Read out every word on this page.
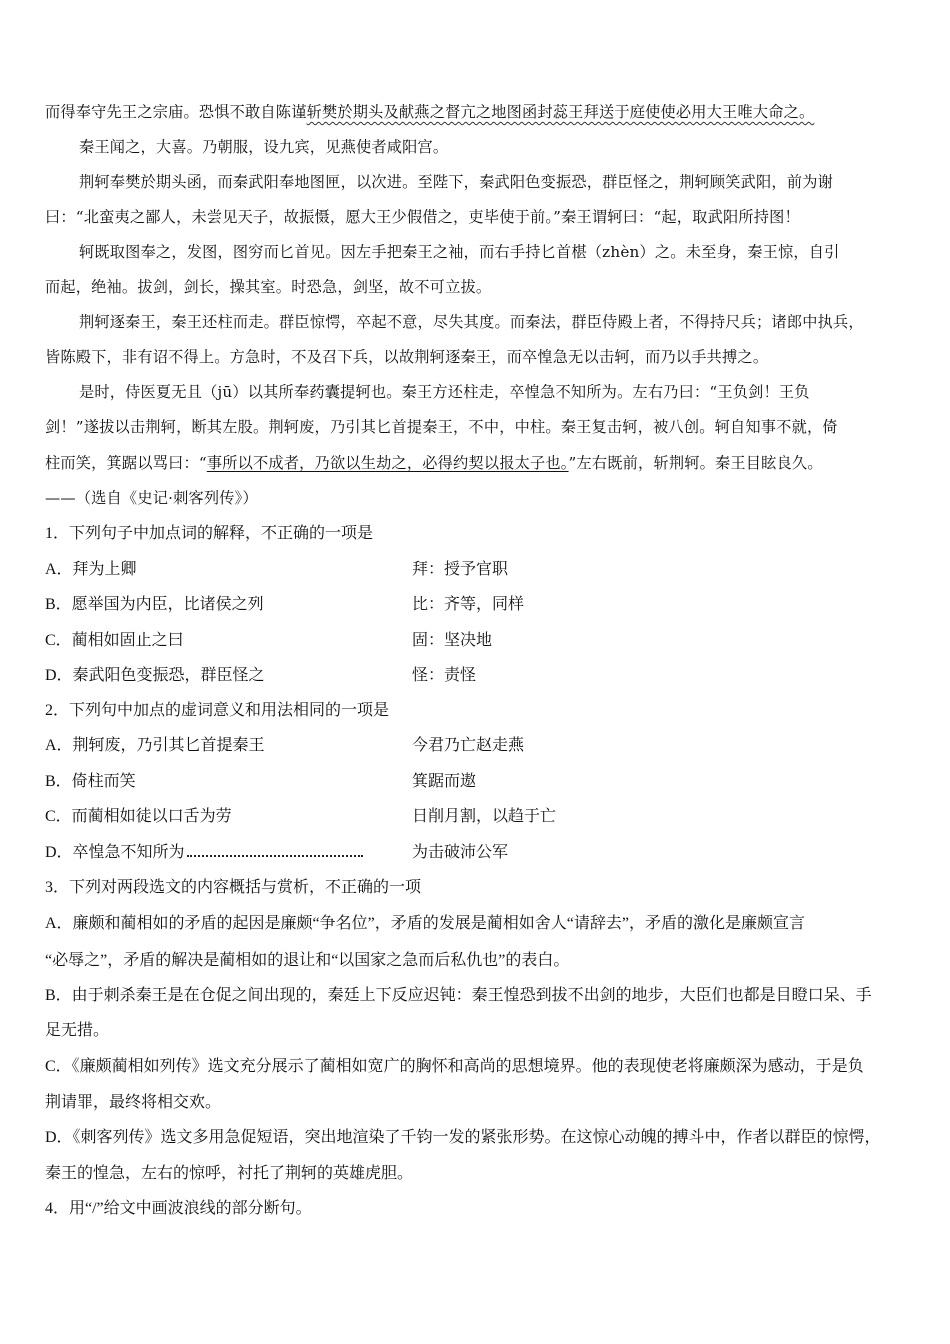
而得奉守先王之宗庙。恐惧不敢自陈谨斩樊於期头及献燕之督亢之地图函封蕊王拜送于庭使使必用大王唯大命之。
秦王闻之，大喜。乃朝服，设九宾，见燕使者咸阳宫。
荆轲奉樊於期头函，而秦武阳奉地图匣，以次进。至陛下，秦武阳色变振恐，群臣怪之，荆轲顾笑武阳，前为谢
曰：“北蛮夷之鄙人，未尝见天子，故振慑，愿大王少假借之，吏毕使于前。”秦王谓轲曰：“起，取武阳所持图！
轲既取图奉之，发图，图穷而匕首见。因左手把秦王之袖，而右手持匕首椹（zhèn）之。未至身，秦王惊，自引
而起，绝袖。拔剑，剑长，操其室。时恐急，剑坚，故不可立拔。
荆轲逐秦王，秦王还柱而走。群臣惊愕，卒起不意，尽失其度。而秦法，群臣侍殿上者，不得持尺兵；诸郎中执兵，
皆陈殿下，非有诏不得上。方急时，不及召下兵，以故荆轲逐秦王，而卒惶急无以击轲，而乃以手共搏之。
是时，侍医夏无且（jū）以其所奉药囊提轲也。秦王方还柱走，卒惶急不知所为。左右乃曰：“王负剑！王负
剑！”遂拔以击荆轲，断其左股。荆轲废，乃引其匕首提秦王，不中，中柱。秦王复击轲，被八创。轲自知事不就，倚
柱而笑，箕踞以骂曰：“事所以不成者，乃欲以生劫之，必得约契以报太子也。”左右既前，斩荆轲。秦王目眩良久。
——（选自《史记·刺客列传》）
1．下列句子中加点词的解释，不正确的一项是
A．拜为上卿	拜：授予官职
B．愿举国为内臣，比诸侯之列	比：齐等，同样
C．蔺相如固止之曰	固：坚决地
D．秦武阳色变振恐，群臣怪之	怪：责怪
2．下列句中加点的虚词意义和用法相同的一项是
A．荆轲废，乃引其匕首提秦王	今君乃亡赵走燕
B．倚柱而笑	箕踞而遨
C．而蔺相如徒以口舌为劳	日削月割，以趋于亡
D．卒惶急不知所为	为击破沛公军
3．下列对两段选文的内容概括与赏析，不正确的一项
A．廉颇和蔺相如的矛盾的起因是廉颇“争名位”，矛盾的发展是蔺相如舍人“请辞去”，矛盾的激化是廉颇宣言
“必辱之”，矛盾的解决是蔺相如的退让和“以国家之急而后私仇也”的表白。
B．由于刺杀秦王是在仓促之间出现的，秦廷上下反应迟钝：秦王惶恐到拔不出剑的地步，大臣们也都是目瞪口呆、手
足无措。
C．《廉颇蔺相如列传》选文充分展示了蔺相如宽广的胸怀和高尚的思想境界。他的表现使老将廉颇深为感动，于是负
荆请罪，最终将相交欢。
D．《刺客列传》选文多用急促短语，突出地渲染了千钧一发的紧张形势。在这惊心动魄的搏斗中，作者以群臣的惊愕，
秦王的惶急，左右的惊呼，衬托了荆轲的英雄虎胆。
4．用“/”给文中画波浪线的部分断句。
